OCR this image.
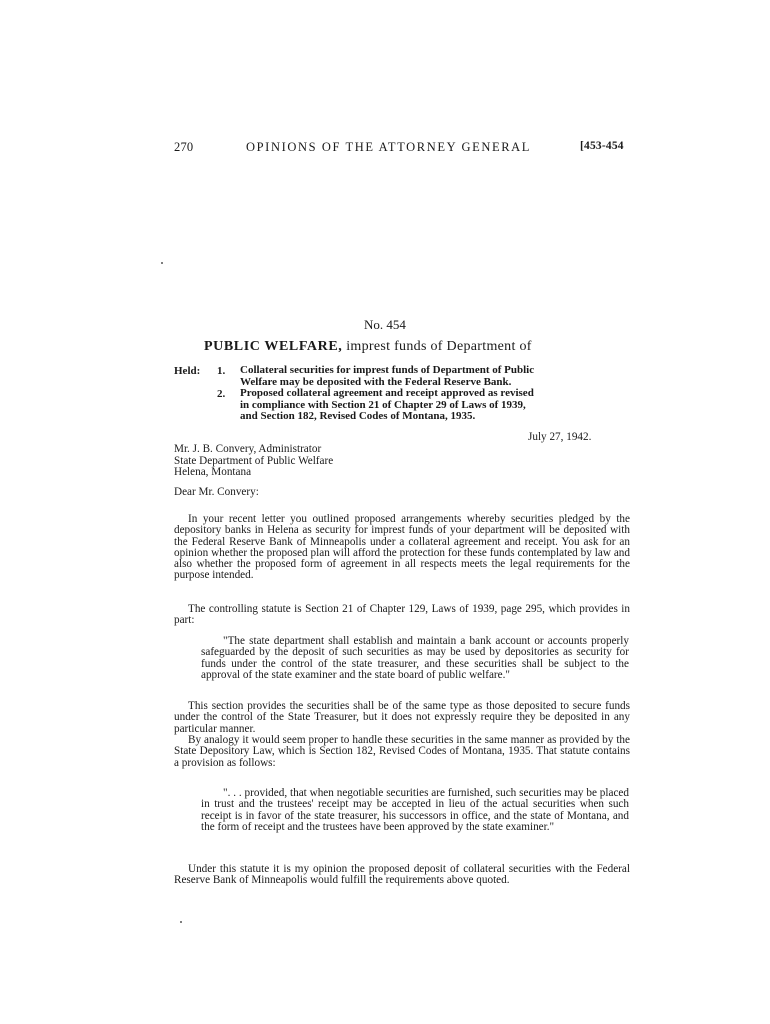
270	OPINIONS OF THE ATTORNEY GENERAL	[453-454
No. 454
PUBLIC WELFARE, imprest funds of Department of
Held: 1. Collateral securities for imprest funds of Department of Public
Welfare may be deposited with the Federal Reserve Bank.
2. Proposed collateral agreement and receipt approved as revised
in compliance with Section 21 of Chapter 29 of Laws of 1939,
and Section 182, Revised Codes of Montana, 1935.
July 27, 1942.
Mr. J. B. Convery, Administrator
State Department of Public Welfare
Helena, Montana
Dear Mr. Convery:

In your recent letter you outlined proposed arrangements whereby securities pledged by the depository banks in Helena as security for imprest funds of your department will be deposited with the Federal Reserve Bank of Minneapolis under a collateral agreement and receipt. You ask for an opinion whether the proposed plan will afford the protection for these funds contemplated by law and also whether the proposed form of agreement in all respects meets the legal requirements for the purpose intended.

The controlling statute is Section 21 of Chapter 129, Laws of 1939, page 295, which provides in part:

"The state department shall establish and maintain a bank account or accounts properly safeguarded by the deposit of such securities as may be used by depositories as security for funds under the control of the state treasurer, and these securities shall be subject to the approval of the state examiner and the state board of public welfare."

This section provides the securities shall be of the same type as those deposited to secure funds under the control of the State Treasurer, but it does not expressly require they be deposited in any particular manner.

By analogy it would seem proper to handle these securities in the same manner as provided by the State Depository Law, which is Section 182, Revised Codes of Montana, 1935. That statute contains a provision as follows:

". . . provided, that when negotiable securities are furnished, such securities may be placed in trust and the trustees' receipt may be accepted in lieu of the actual securities when such receipt is in favor of the state treasurer, his successors in office, and the state of Montana, and the form of receipt and the trustees have been approved by the state examiner."

Under this statute it is my opinion the proposed deposit of collateral securities with the Federal Reserve Bank of Minneapolis would fulfill the requirements above quoted.
